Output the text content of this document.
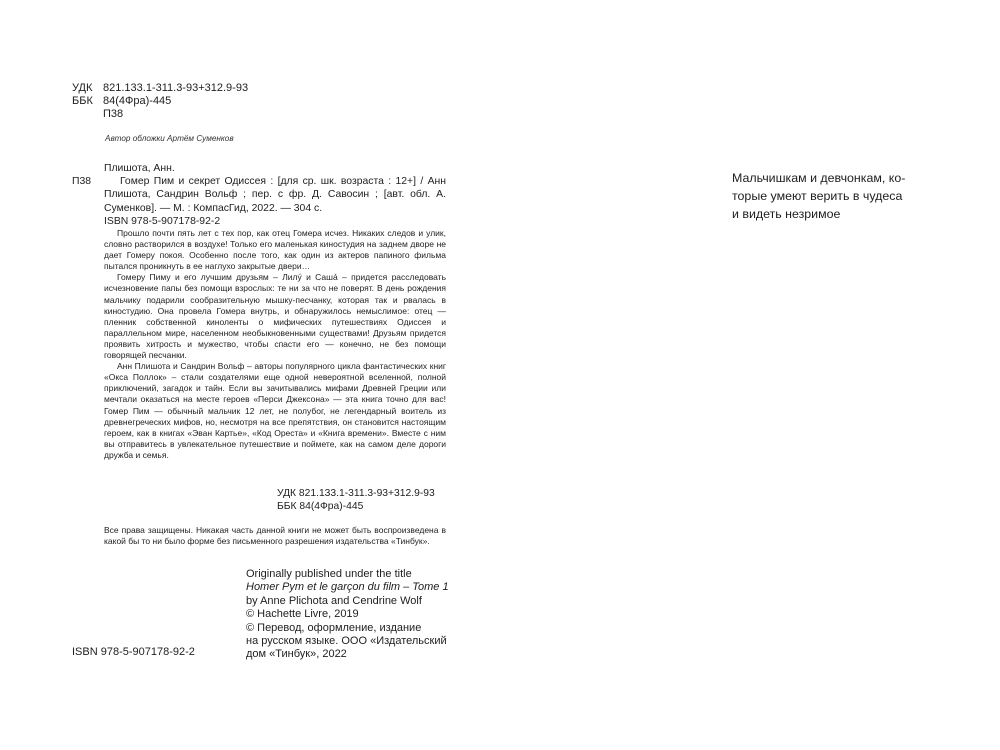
УДК 821.133.1-311.3-93+312.9-93
ББК 84(4Фра)-445
П38
Автор обложки Артём Суменков
Плишота, Анн.
П38	Гомер Пим и секрет Одиссея : [для ср. шк. возраста : 12+] / Анн Плишота, Сандрин Вольф ; пер. с фр. Д. Савосин ; [авт. обл. А. Суменков]. — М. : КомпасГид, 2022. — 304 с.
ISBN 978-5-907178-92-2

Прошло почти пять лет с тех пор, как отец Гомера исчез. Никаких следов и улик, словно растворился в воздухе! Только его маленькая киностудия на заднем дворе не дает Гомеру покоя. Особенно после того, как один из актеров папиного фильма пытался проникнуть в ее наглухо закрытые двери…

Гомеру Пиму и его лучшим друзьям – Лилу́ и Саша́ – придется расследовать исчезновение папы без помощи взрослых: те ни за что не поверят. В день рождения мальчику подарили сообразительную мышку-песчанку, которая так и рвалась в киностудию. Она провела Гомера внутрь, и обнаружилось немыслимое: отец — пленник собственной киноленты о мифических путешествиях Одиссея и параллельном мире, населенном необыкновенными существами! Друзьям придется проявить хитрость и мужество, чтобы спасти его — конечно, не без помощи говорящей песчанки.

Анн Плишота и Сандрин Вольф – авторы популярного цикла фантастических книг «Окса Поллок» – стали создателями еще одной невероятной вселенной, полной приключений, загадок и тайн. Если вы зачитывались мифами Древней Греции или мечтали оказаться на месте героев «Перси Джексона» — эта книга точно для вас! Гомер Пим — обычный мальчик 12 лет, не полубог, не легендарный воитель из древнегреческих мифов, но, несмотря на все препятствия, он становится настоящим героем, как в книгах «Эван Картье», «Код Ореста» и «Книга времени». Вместе с ним вы отправитесь в увлекательное путешествие и поймете, как на самом деле дороги дружба и семья.

УДК 821.133.1-311.3-93+312.9-93
ББК 84(4Фра)-445
Все права защищены. Никакая часть данной книги не может быть воспроизведена в какой бы то ни было форме без письменного разрешения издательства «Тинбук».
Originally published under the title
Homer Pym et le garçon du film – Tome 1
by Anne Plichota and Cendrine Wolf
© Hachette Livre, 2019
© Перевод, оформление, издание
на русском языке. ООО «Издательский
дом «Тинбук», 2022
ISBN 978-5-907178-92-2
Мальчишкам и девчонкам, ко-
торые умеют верить в чудеса
и видеть незримое
